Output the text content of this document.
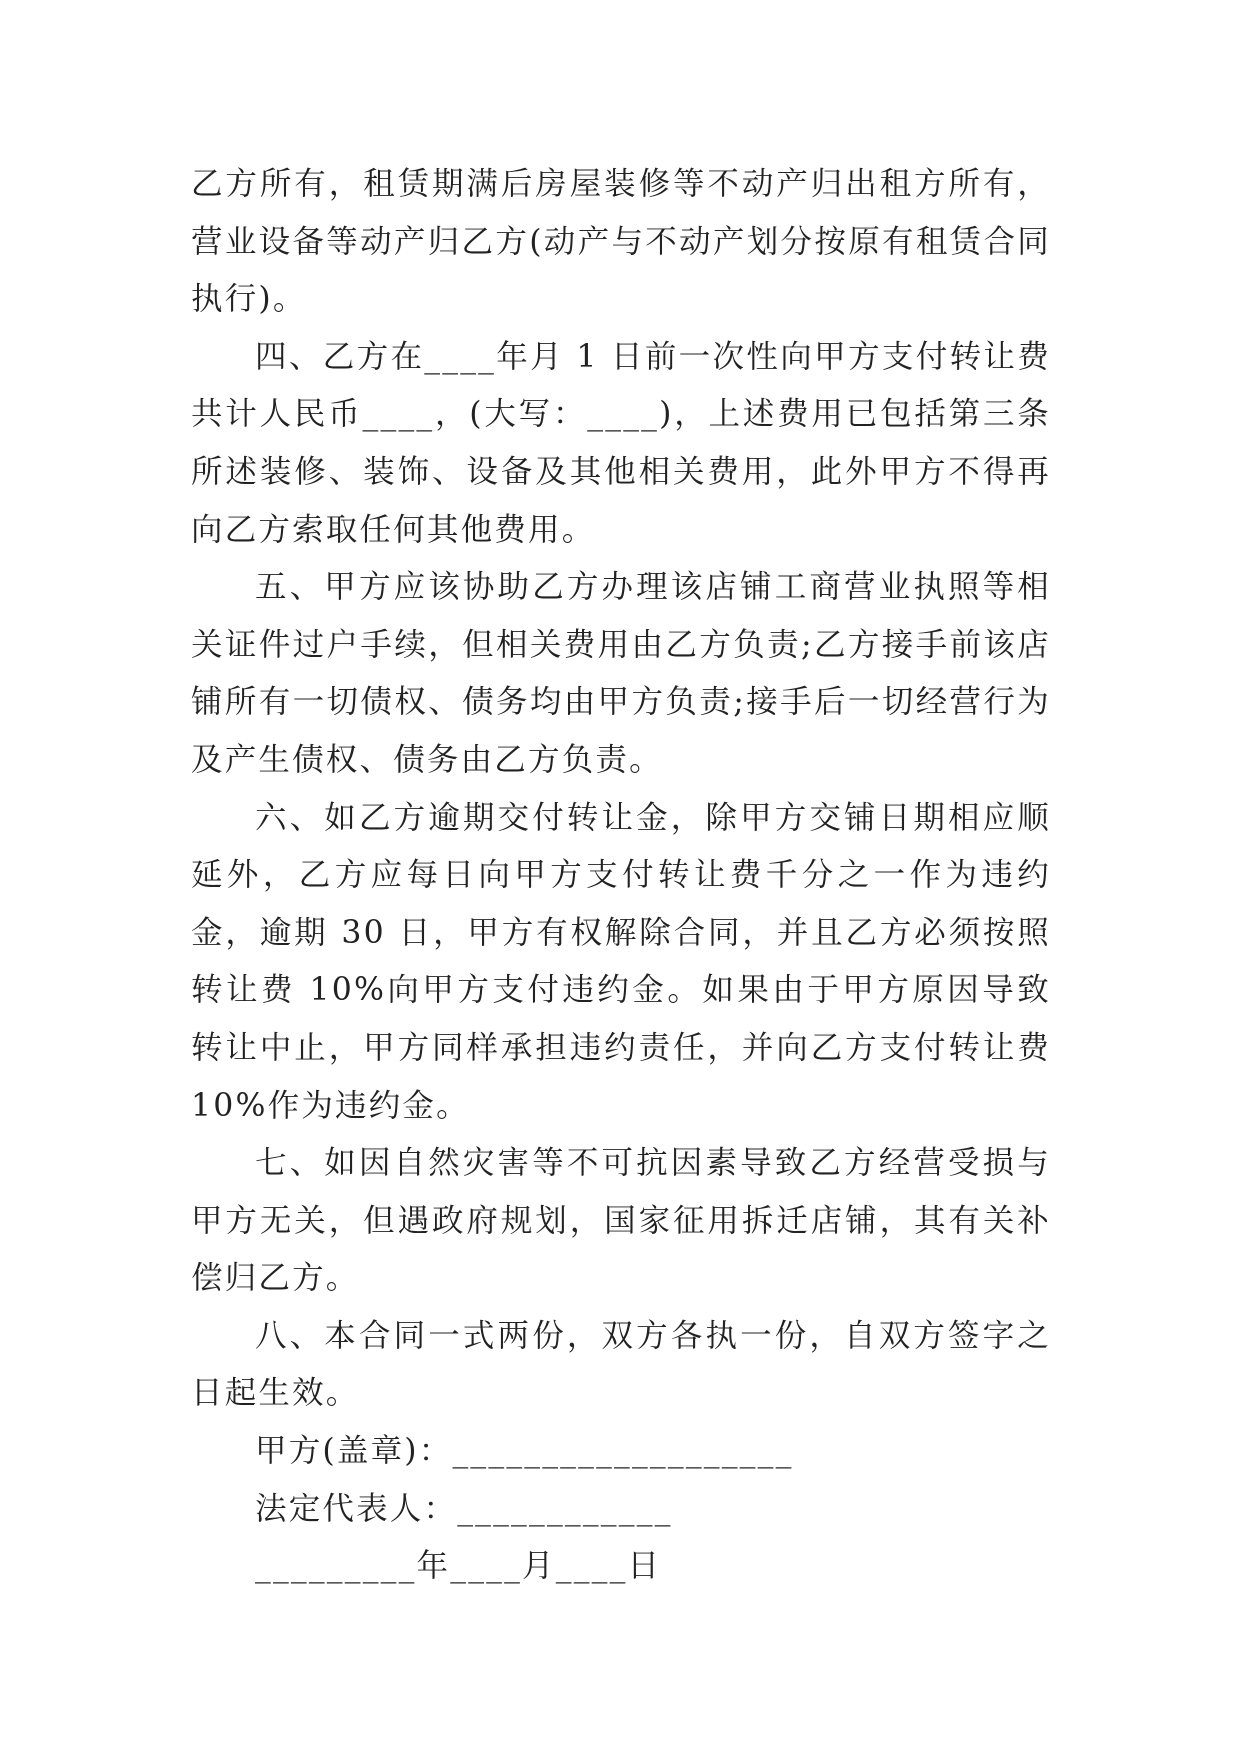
乙方所有，租赁期满后房屋装修等不动产归出租方所有，营业设备等动产归乙方(动产与不动产划分按原有租赁合同执行)。

四、乙方在____年月 1 日前一次性向甲方支付转让费共计人民币____，(大写：____)，上述费用已包括第三条所述装修、装饰、设备及其他相关费用，此外甲方不得再向乙方索取任何其他费用。

五、甲方应该协助乙方办理该店铺工商营业执照等相关证件过户手续，但相关费用由乙方负责;乙方接手前该店铺所有一切债权、债务均由甲方负责;接手后一切经营行为及产生债权、债务由乙方负责。

六、如乙方逾期交付转让金，除甲方交铺日期相应顺延外，乙方应每日向甲方支付转让费千分之一作为违约金，逾期 30 日，甲方有权解除合同，并且乙方必须按照转让费 10%向甲方支付违约金。如果由于甲方原因导致转让中止，甲方同样承担违约责任，并向乙方支付转让费 10%作为违约金。

七、如因自然灾害等不可抗因素导致乙方经营受损与甲方无关，但遇政府规划，国家征用拆迁店铺，其有关补偿归乙方。

八、本合同一式两份，双方各执一份，自双方签字之日起生效。

甲方(盖章)：___________________

法定代表人：____________

_________年____月____日
